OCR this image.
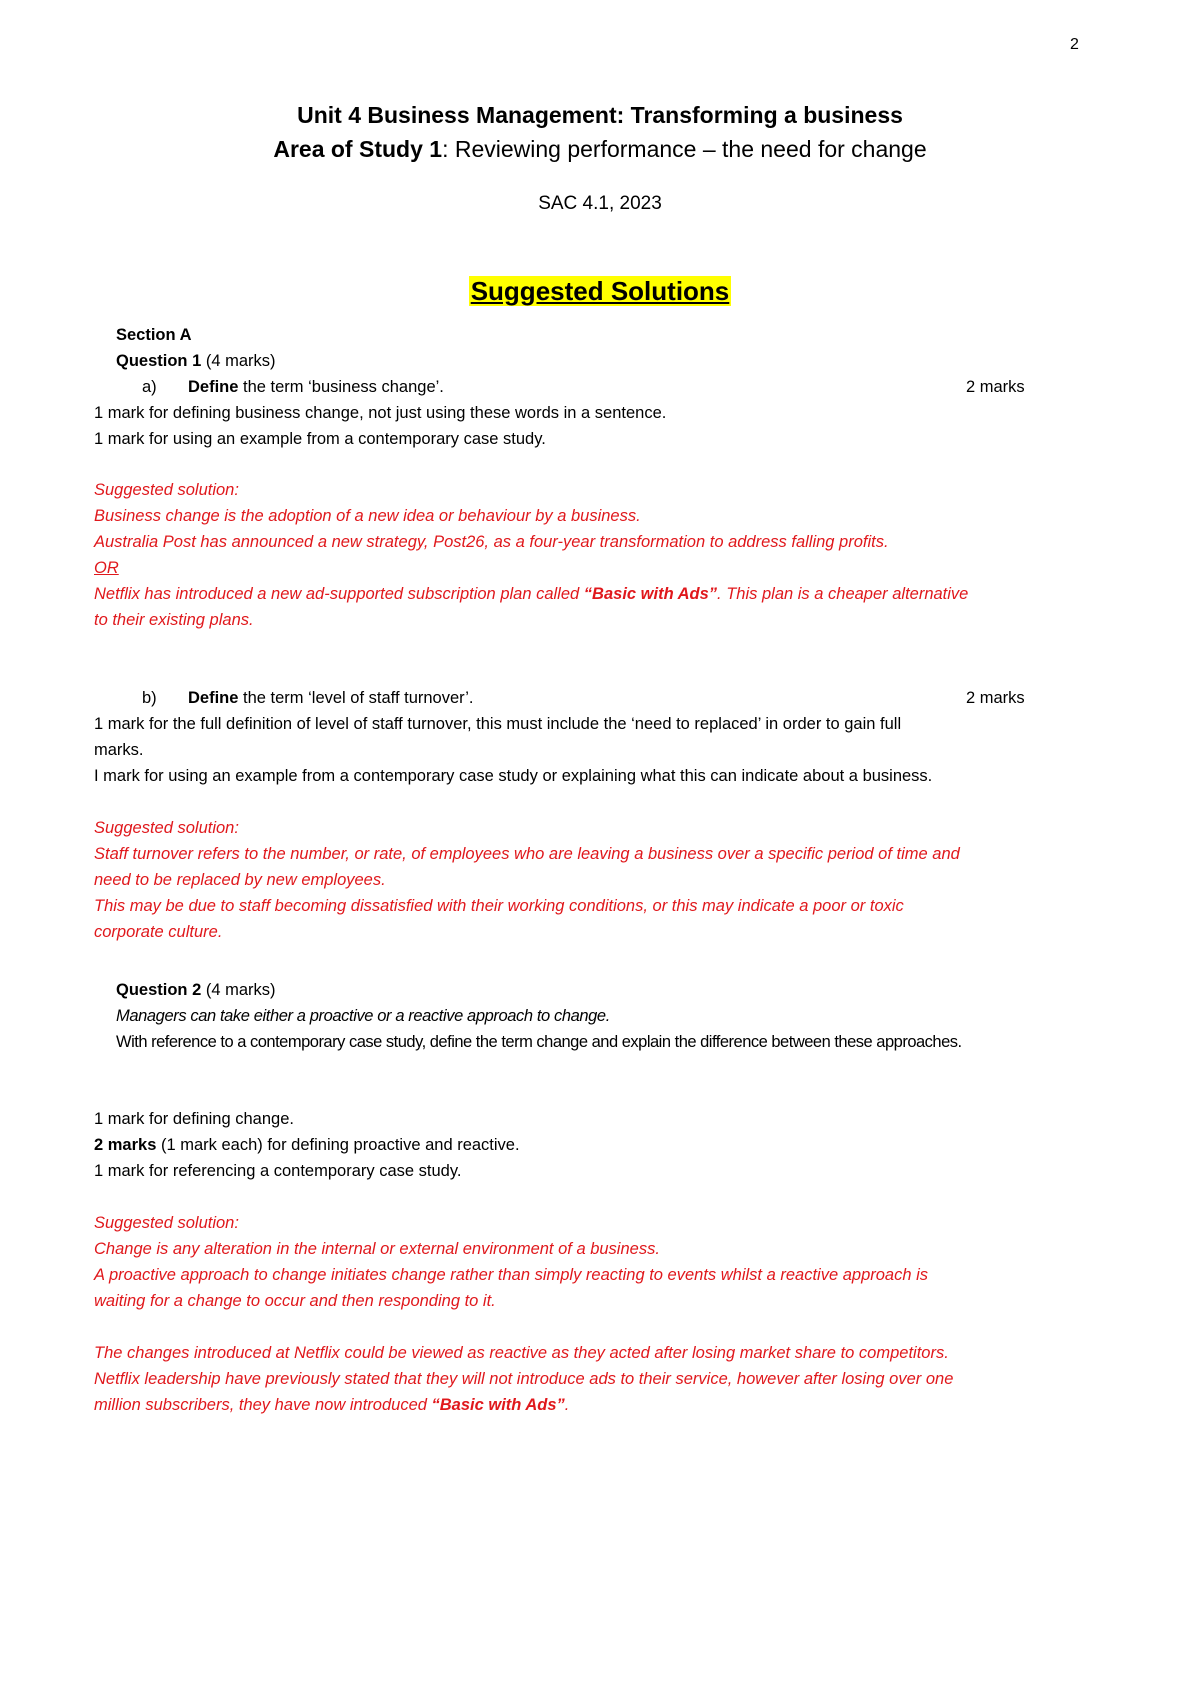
2
Unit 4 Business Management: Transforming a business
Area of Study 1: Reviewing performance – the need for change
SAC 4.1, 2023
Suggested Solutions
Section A
Question 1 (4 marks)
a) Define the term ‘business change’.	2 marks
1 mark for defining business change, not just using these words in a sentence.
1 mark for using an example from a contemporary case study.
Suggested solution:
Business change is the adoption of a new idea or behaviour by a business.
Australia Post has announced a new strategy, Post26, as a four-year transformation to address falling profits.
OR
Netflix has introduced a new ad-supported subscription plan called “Basic with Ads”. This plan is a cheaper alternative
to their existing plans.
b) Define the term ‘level of staff turnover’.	2 marks
1 mark for the full definition of level of staff turnover, this must include the ‘need to replaced’ in order to gain full
marks.
I mark for using an example from a contemporary case study or explaining what this can indicate about a business.
Suggested solution:
Staff turnover refers to the number, or rate, of employees who are leaving a business over a specific period of time and
need to be replaced by new employees.
This may be due to staff becoming dissatisfied with their working conditions, or this may indicate a poor or toxic
corporate culture.
Question 2 (4 marks)
Managers can take either a proactive or a reactive approach to change.
With reference to a contemporary case study, define the term change and explain the difference between these approaches.
1 mark for defining change.
2 marks (1 mark each) for defining proactive and reactive.
1 mark for referencing a contemporary case study.
Suggested solution:
Change is any alteration in the internal or external environment of a business.
A proactive approach to change initiates change rather than simply reacting to events whilst a reactive approach is
waiting for a change to occur and then responding to it.
The changes introduced at Netflix could be viewed as reactive as they acted after losing market share to competitors.
Netflix leadership have previously stated that they will not introduce ads to their service, however after losing over one
million subscribers, they have now introduced “Basic with Ads”.
